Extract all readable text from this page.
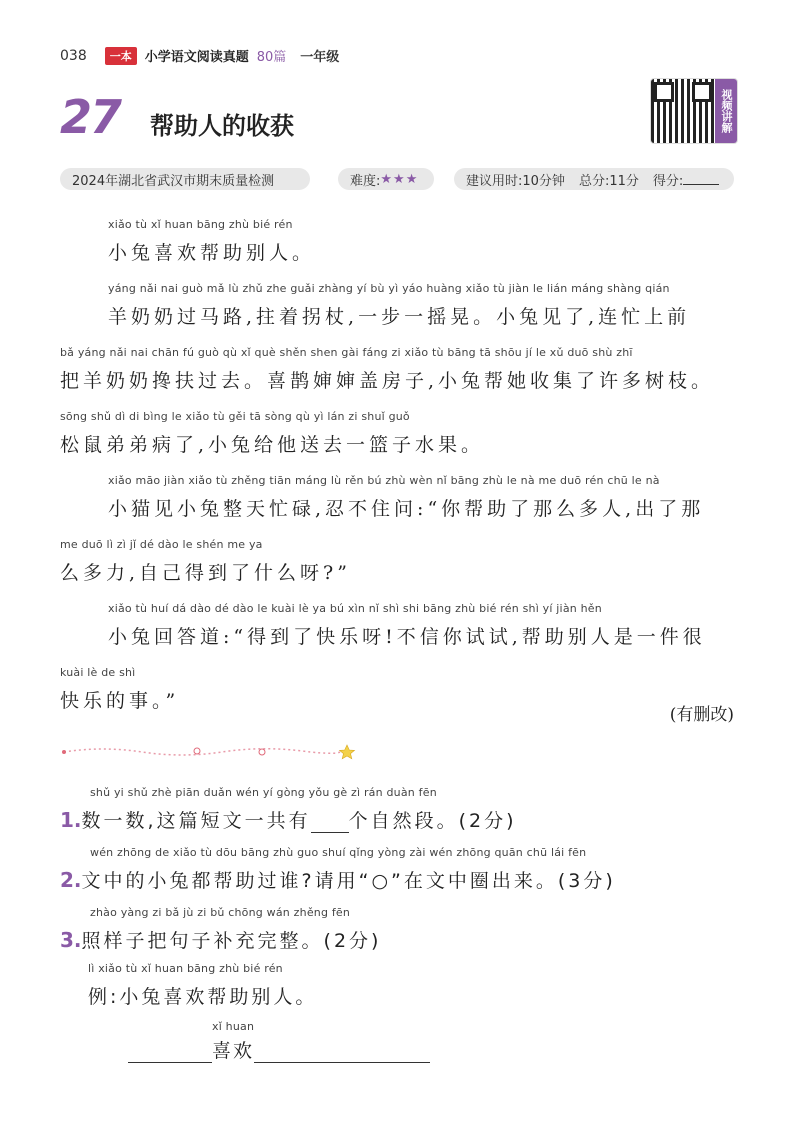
038	一本	小学语文阅读真题 80篇 一年级
27 帮助人的收获	视频讲解
2024年湖北省武汉市期末质量检测	难度: ★★★	建议用时:10分钟 总分:11分 得分:
xiǎo tù xǐ huan bāng zhù bié rén
小兔喜欢帮助别人。
yáng nǎi nai guò mǎ lù zhǔ zhe guǎi zhàng yí bù yì yáo huàng xiǎo tù jiàn le lián máng shàng qián
羊奶奶过马路,拄着拐杖,一步一摇晃。小兔见了,连忙上前
bǎ yáng nǎi nai chān fú guò qù xǐ què shěn shen gài fáng zi xiǎo tù bāng tā shōu jí le xǔ duō shù zhī
把羊奶奶搀扶过去。喜鹊婶婶盖房子,小兔帮她收集了许多树枝。
sōng shǔ dì di bìng le xiǎo tù gěi tā sòng qù yì lán zi shuǐ guǒ
松鼠弟弟病了,小兔给他送去一篮子水果。
xiǎo māo jiàn xiǎo tù zhěng tiān máng lù rěn bú zhù wèn nǐ bāng zhù le nà me duō rén chū le nà
小猫见小兔整天忙碌,忍不住问:“你帮助了那么多人,出了那
me duō lì zì jǐ dé dào le shén me ya
么多力,自己得到了什么呀?”
xiǎo tù huí dá dào dé dào le kuài lè ya bú xìn nǐ shì shi bāng zhù bié rén shì yí jiàn hěn
小兔回答道:“得到了快乐呀!不信你试试,帮助别人是一件很
kuài lè de shì
快乐的事。”
(有删改)
shǔ yi shǔ zhè piān duǎn wén yí gòng yǒu gè zì rán duàn fēn
1.数一数,这篇短文一共有 个自然段。(2分)
wén zhōng de xiǎo tù dōu bāng zhù guo shuí qǐng yòng zài wén zhōng quān chū lái fēn
2.文中的小兔都帮助过谁?请用“○”在文中圈出来。(3分)
zhào yàng zi bǎ jù zi bǔ chōng wán zhěng fēn
3.照样子把句子补充完整。(2分)
lì xiǎo tù xǐ huan bāng zhù bié rén
例:小兔喜欢帮助别人。
xǐ huan
喜欢
